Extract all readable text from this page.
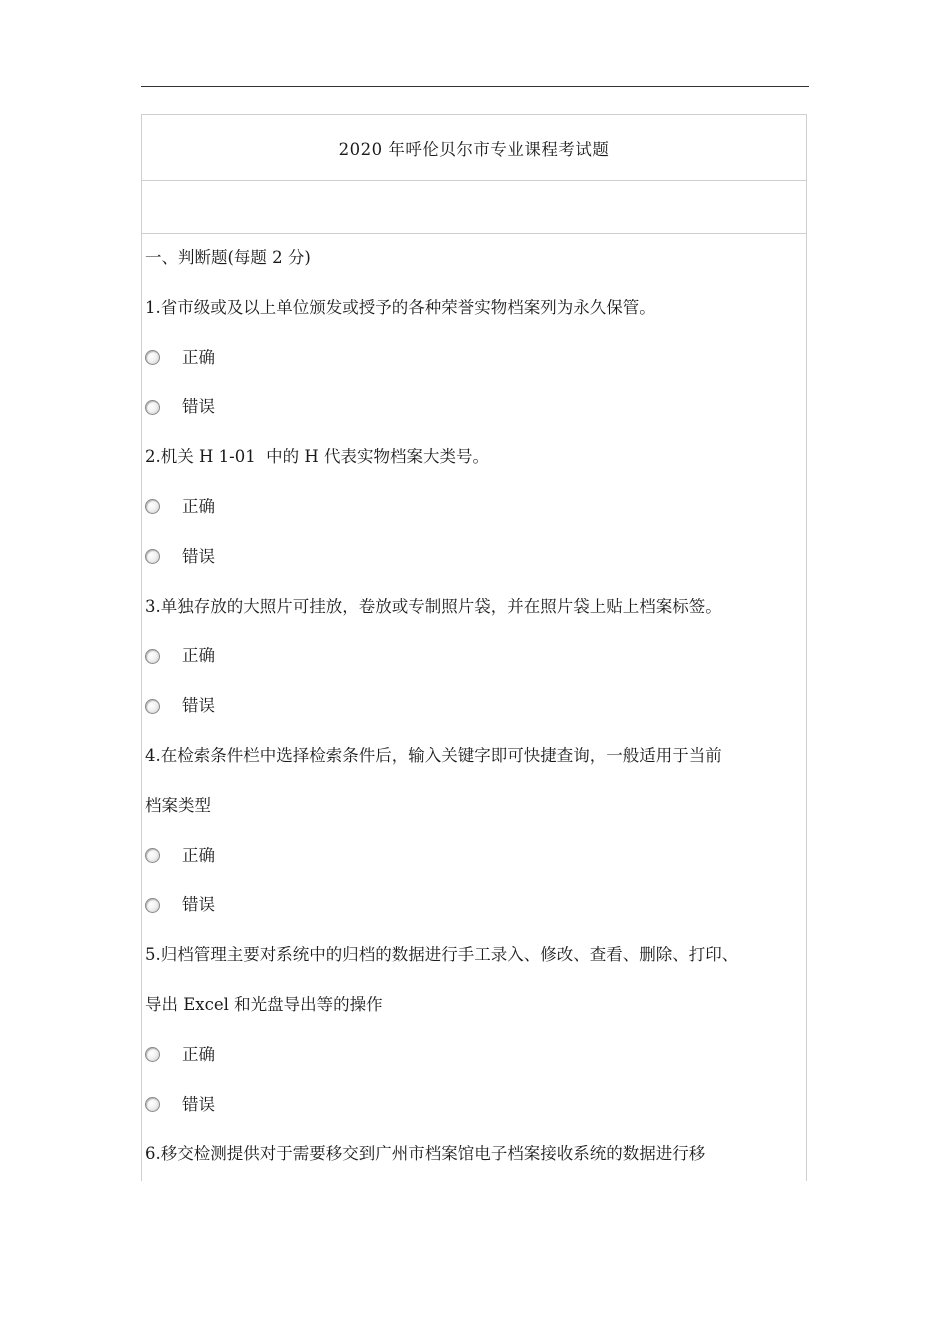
2020 年呼伦贝尔市专业课程考试题
一、判断题(每题 2 分)
1.省市级或及以上单位颁发或授予的各种荣誉实物档案列为永久保管。
正确
错误
2.机关 H 1-01  中的 H 代表实物档案大类号。
正确
错误
3.单独存放的大照片可挂放，卷放或专制照片袋，并在照片袋上贴上档案标签。
正确
错误
4.在检索条件栏中选择检索条件后，输入关键字即可快捷查询，一般适用于当前
档案类型
正确
错误
5.归档管理主要对系统中的归档的数据进行手工录入、修改、查看、删除、打印、
导出 Excel 和光盘导出等的操作
正确
错误
6.移交检测提供对于需要移交到广州市档案馆电子档案接收系统的数据进行移
